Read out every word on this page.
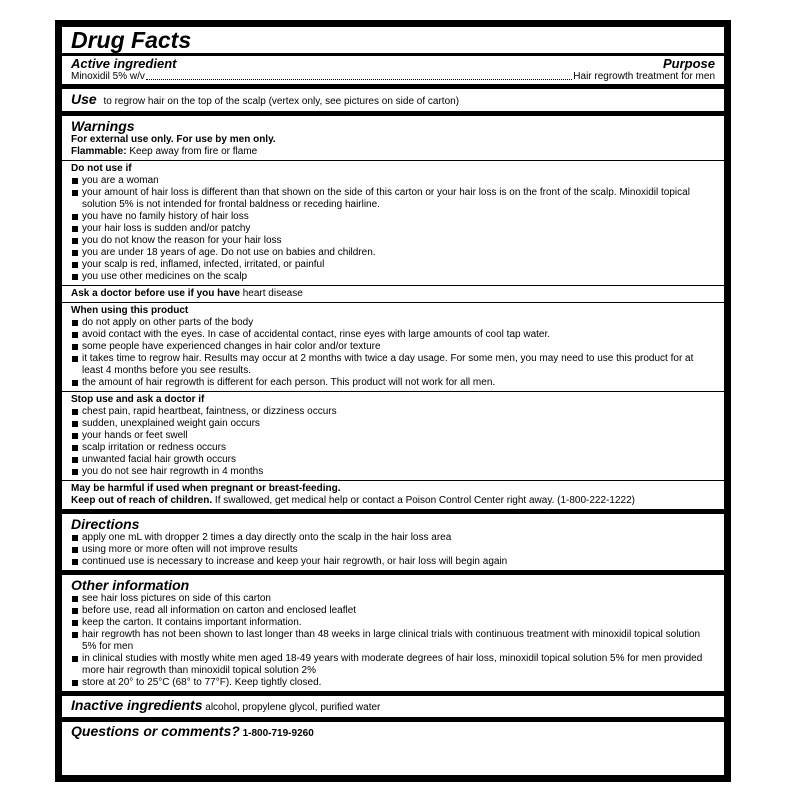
Drug Facts
Active ingredient	Purpose
Minoxidil 5% w/v	Hair regrowth treatment for men
Use to regrow hair on the top of the scalp (vertex only, see pictures on side of carton)
Warnings
For external use only. For use by men only.
Flammable: Keep away from fire or flame
Do not use if
you are a woman
your amount of hair loss is different than that shown on the side of this carton or your hair loss is on the front of the scalp. Minoxidil topical solution 5% is not intended for frontal baldness or receding hairline.
you have no family history of hair loss
your hair loss is sudden and/or patchy
you do not know the reason for your hair loss
you are under 18 years of age. Do not use on babies and children.
your scalp is red, inflamed, infected, irritated, or painful
you use other medicines on the scalp
Ask a doctor before use if you have heart disease
When using this product
do not apply on other parts of the body
avoid contact with the eyes. In case of accidental contact, rinse eyes with large amounts of cool tap water.
some people have experienced changes in hair color and/or texture
it takes time to regrow hair. Results may occur at 2 months with twice a day usage. For some men, you may need to use this product for at least 4 months before you see results.
the amount of hair regrowth is different for each person. This product will not work for all men.
Stop use and ask a doctor if
chest pain, rapid heartbeat, faintness, or dizziness occurs
sudden, unexplained weight gain occurs
your hands or feet swell
scalp irritation or redness occurs
unwanted facial hair growth occurs
you do not see hair regrowth in 4 months
May be harmful if used when pregnant or breast-feeding.
Keep out of reach of children. If swallowed, get medical help or contact a Poison Control Center right away. (1-800-222-1222)
Directions
apply one mL with dropper 2 times a day directly onto the scalp in the hair loss area
using more or more often will not improve results
continued use is necessary to increase and keep your hair regrowth, or hair loss will begin again
Other information
see hair loss pictures on side of this carton
before use, read all information on carton and enclosed leaflet
keep the carton. It contains important information.
hair regrowth has not been shown to last longer than 48 weeks in large clinical trials with continuous treatment with minoxidil topical solution 5% for men
in clinical studies with mostly white men aged 18-49 years with moderate degrees of hair loss, minoxidil topical solution 5% for men provided more hair regrowth than minoxidil topical solution 2%
store at 20° to 25°C (68° to 77°F). Keep tightly closed.
Inactive ingredients alcohol, propylene glycol, purified water
Questions or comments? 1-800-719-9260
